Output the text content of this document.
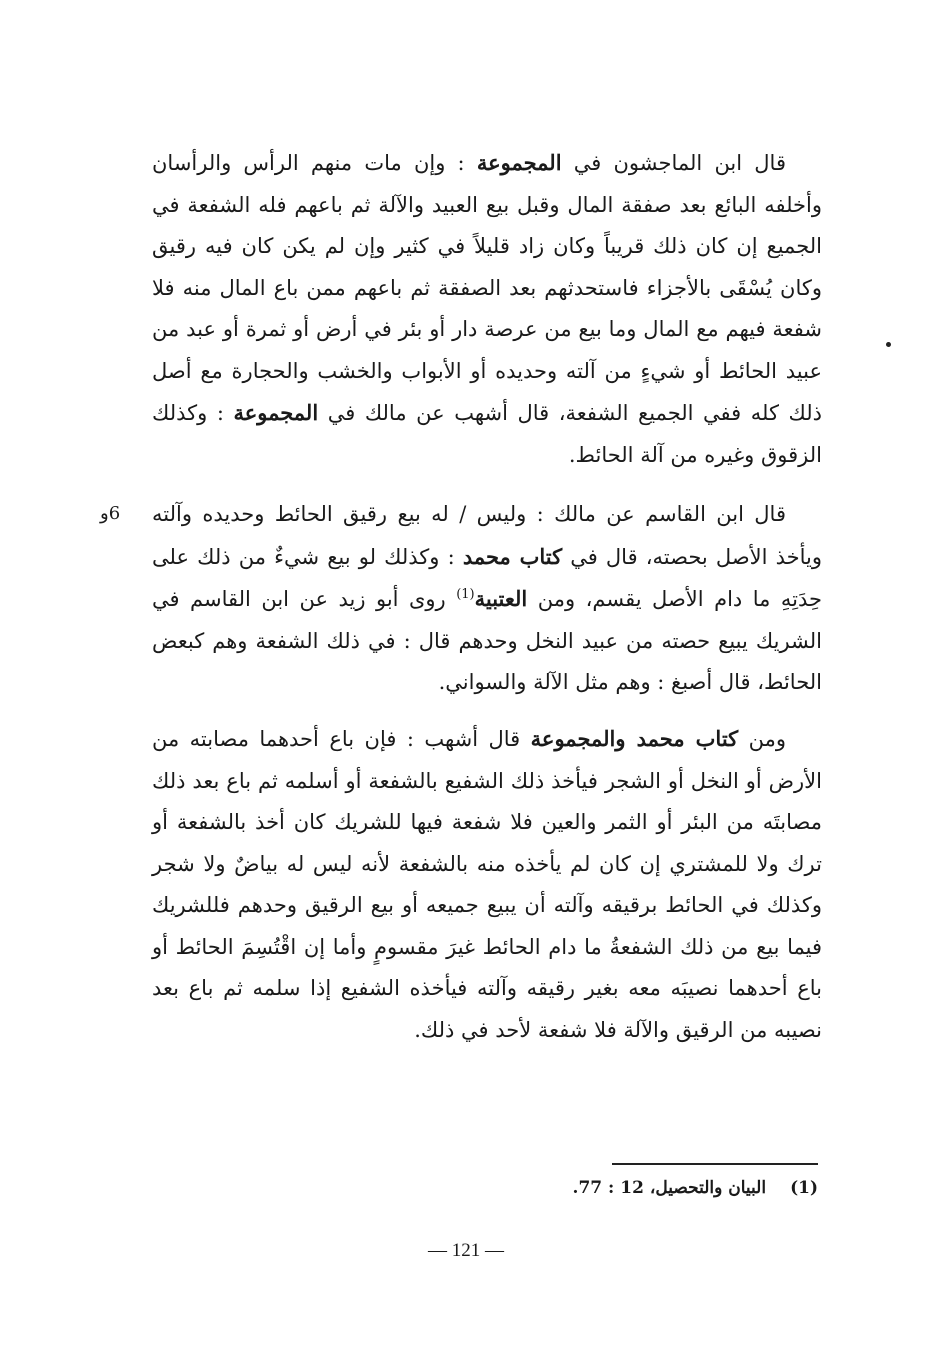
قال ابن الماجشون في المجموعة : وإن مات منهم الرأس والرأسان وأخلفه البائع بعد صفقة المال وقبل بيع العبيد والآلة ثم باعهم فله الشفعة في الجميع إن كان ذلك قريباً وكان زاد قليلاً في كثير وإن لم يكن كان فيه رقيق وكان يُسْقَى بالأجزاء فاستحدثهم بعد الصفقة ثم باعهم ممن باع المال منه فلا شفعة فيهم مع المال وما بيع من عرصة دار أو بئر في أرض أو ثمرة أو عبد من عبيد الحائط أو شيءٍ من آلته وحديده أو الأبواب والخشب والحجارة مع أصل ذلك كله ففي الجميع الشفعة، قال أشهب عن مالك في المجموعة : وكذلك الزقوق وغيره من آلة الحائط.

6و قال ابن القاسم عن مالك : وليس / له بيع رقيق الحائط وحديده وآلته ويأخذ الأصل بحصته، قال في كتاب محمد : وكذلك لو بيع شيءٌ من ذلك على حِدَتِهِ ما دام الأصل يقسم، ومن العتبية$^{(1)}$ روى أبو زيد عن ابن القاسم في الشريك يبيع حصته من عبيد النخل وحدهم قال : في ذلك الشفعة وهم كبعض الحائط، قال أصبغ : وهم مثل الآلة والسواني.

ومن كتاب محمد والمجموعة قال أشهب : فإن باع أحدهما مصابته من الأرض أو النخل أو الشجر فيأخذ ذلك الشفيع بالشفعة أو أسلمه ثم باع بعد ذلك مصابتَه من البئر أو الثمر والعين فلا شفعة فيها للشريك كان أخذ بالشفعة أو ترك ولا للمشتري إن كان لم يأخذه منه بالشفعة لأنه ليس له بياضٌ ولا شجر وكذلك في الحائط برقيقه وآلته أن يبيع جميعه أو بيع الرقيق وحدهم فللشريك فيما بيع من ذلك الشفعةُ ما دام الحائط غيرَ مقسومٍ وأما إن اقْتُسِمَ الحائط أو باع أحدهما نصيبَه معه بغير رقيقه وآلته فيأخذه الشفيع إذا سلمه ثم باع بعد نصيبه من الرقيق والآلة فلا شفعة لأحد في ذلك.

(1)البيان والتحصيل، 12 : 77.
— 121 —
